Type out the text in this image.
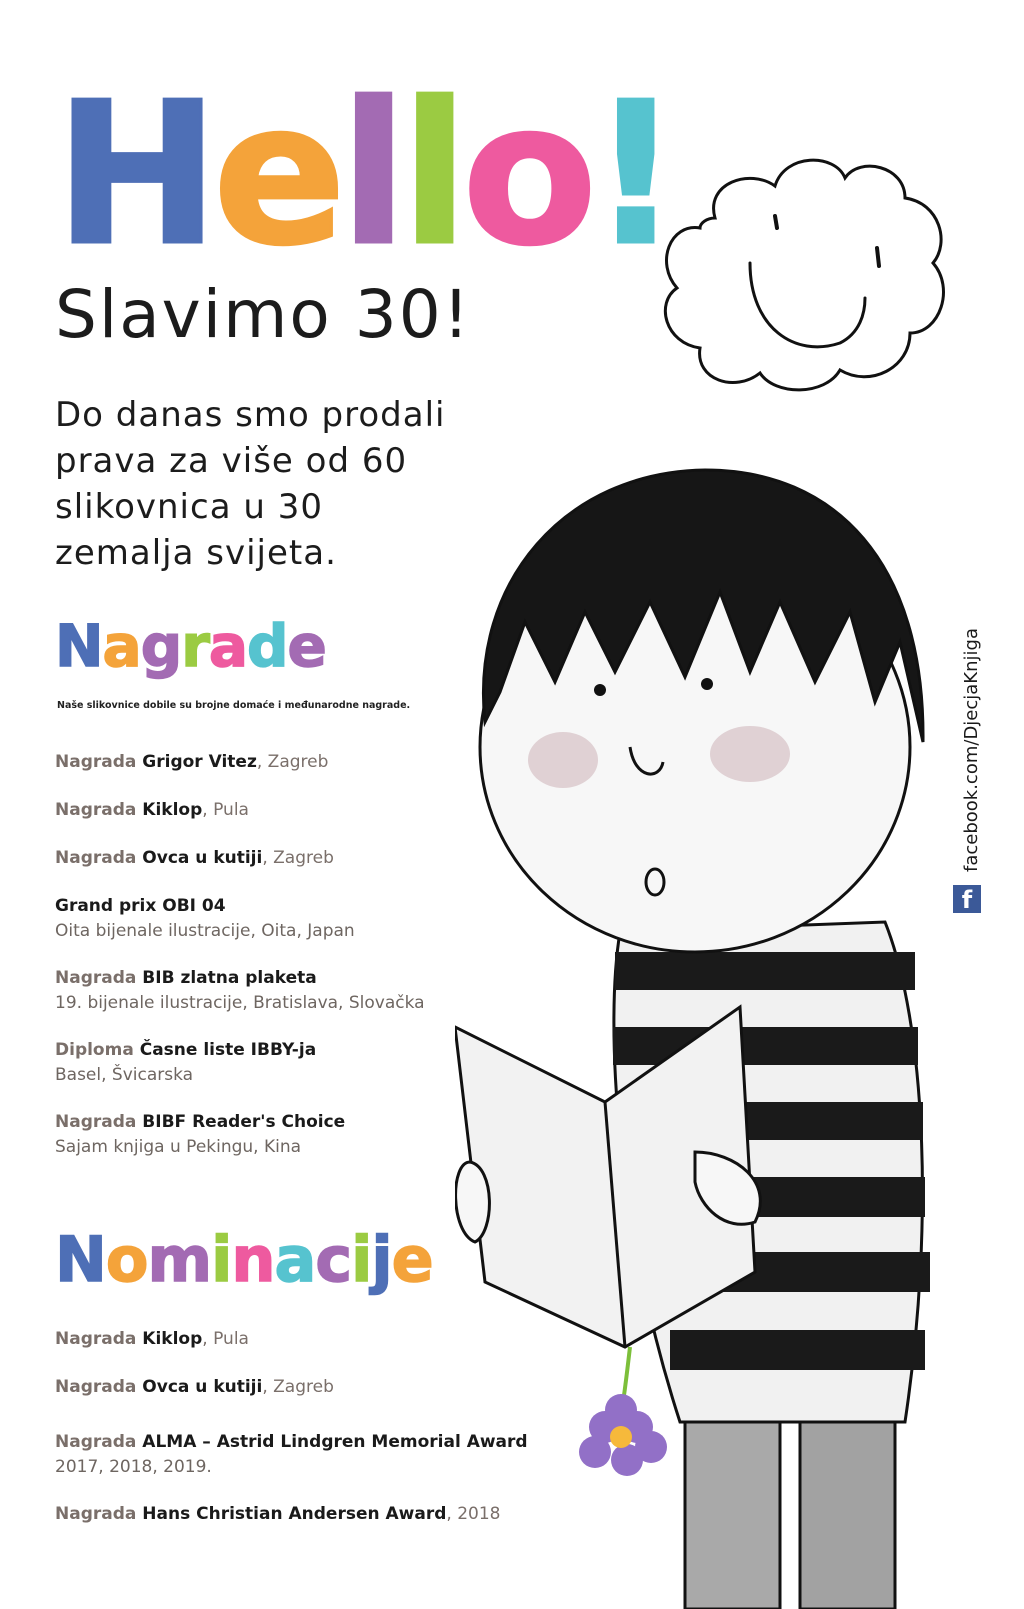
H e l l o !
Slavimo 30!
Do danas smo prodali
prava za više od 60
slikovnica u 30
zemalja svijeta.
N a g r a d e
Naše slikovnice dobile su brojne domaće i međunarodne nagrade.
Nagrada Grigor Vitez, Zagreb
Nagrada Kiklop, Pula
Nagrada Ovca u kutiji, Zagreb
Grand prix OBI 04
Oita bijenale ilustracije, Oita, Japan
Nagrada BIB zlatna plaketa
19. bijenale ilustracije, Bratislava, Slovačka
Diploma Časne liste IBBY-ja
Basel, Švicarska
Nagrada BIBF Reader's Choice
Sajam knjiga u Pekingu, Kina
N o m i n a c i j e
Nagrada Kiklop, Pula
Nagrada Ovca u kutiji, Zagreb
Nagrada ALMA – Astrid Lindgren Memorial Award
2017, 2018, 2019.
Nagrada Hans Christian Andersen Award, 2018
f
facebook.com/DjecjaKnjiga
